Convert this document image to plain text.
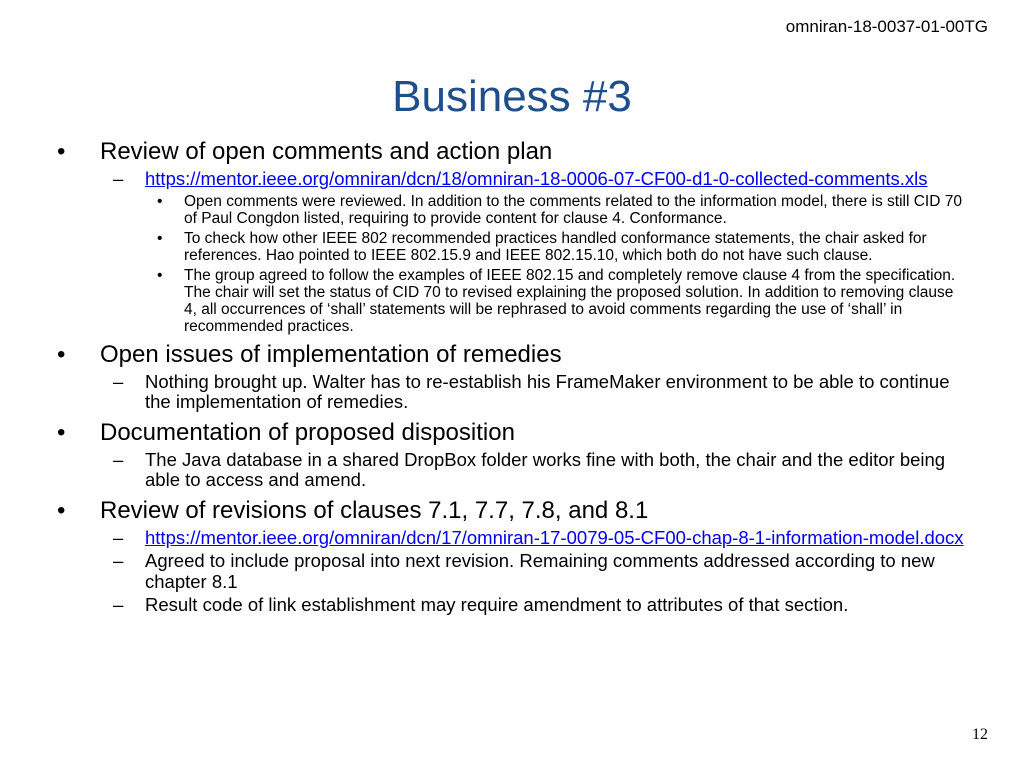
omniran-18-0037-01-00TG
Business #3
• Review of open comments and action plan
– https://mentor.ieee.org/omniran/dcn/18/omniran-18-0006-07-CF00-d1-0-collected-comments.xls
• Open comments were reviewed. In addition to the comments related to the information model, there is still CID 70 of Paul Congdon listed, requiring to provide content for clause 4. Conformance.
• To check how other IEEE 802 recommended practices handled conformance statements, the chair asked for references. Hao pointed to IEEE 802.15.9 and IEEE 802.15.10, which both do not have such clause.
• The group agreed to follow the examples of IEEE 802.15 and completely remove clause 4 from the specification. The chair will set the status of CID 70 to revised explaining the proposed solution. In addition to removing clause 4, all occurrences of ‘shall’ statements will be rephrased to avoid comments regarding the use of ‘shall’ in recommended practices.
• Open issues of implementation of remedies
– Nothing brought up. Walter has to re-establish his FrameMaker environment to be able to continue the implementation of remedies.
• Documentation of proposed disposition
– The Java database in a shared DropBox folder works fine with both, the chair and the editor being able to access and amend.
• Review of revisions of clauses 7.1, 7.7, 7.8, and 8.1
– https://mentor.ieee.org/omniran/dcn/17/omniran-17-0079-05-CF00-chap-8-1-information-model.docx
– Agreed to include proposal into next revision. Remaining comments addressed according to new chapter 8.1
– Result code of link establishment may require amendment to attributes of that section.
12
